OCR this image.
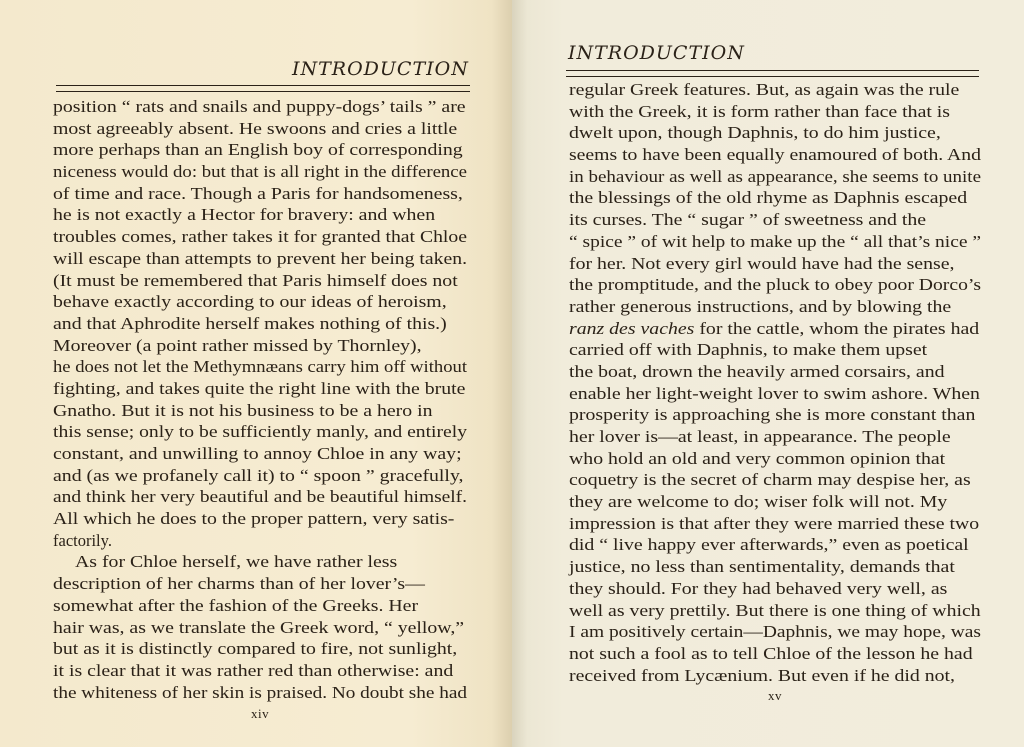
INTRODUCTION
position “ rats and snails and puppy-dogs’ tails ” are
most agreeably absent. He swoons and cries a little
more perhaps than an English boy of corresponding
niceness would do: but that is all right in the difference
of time and race. Though a Paris for handsomeness,
he is not exactly a Hector for bravery: and when
troubles comes, rather takes it for granted that Chloe
will escape than attempts to prevent her being taken.
(It must be remembered that Paris himself does not
behave exactly according to our ideas of heroism,
and that Aphrodite herself makes nothing of this.)
Moreover (a point rather missed by Thornley),
he does not let the Methymnæans carry him off without
fighting, and takes quite the right line with the brute
Gnatho. But it is not his business to be a hero in
this sense; only to be sufficiently manly, and entirely
constant, and unwilling to annoy Chloe in any way;
and (as we profanely call it) to “ spoon ” gracefully,
and think her very beautiful and be beautiful himself.
All which he does to the proper pattern, very satis-
factorily.
As for Chloe herself, we have rather less
description of her charms than of her lover’s—
somewhat after the fashion of the Greeks. Her
hair was, as we translate the Greek word, “ yellow,”
but as it is distinctly compared to fire, not sunlight,
it is clear that it was rather red than otherwise: and
the whiteness of her skin is praised. No doubt she had
xiv
INTRODUCTION
regular Greek features. But, as again was the rule
with the Greek, it is form rather than face that is
dwelt upon, though Daphnis, to do him justice,
seems to have been equally enamoured of both. And
in behaviour as well as appearance, she seems to unite
the blessings of the old rhyme as Daphnis escaped
its curses. The “ sugar ” of sweetness and the
“ spice ” of wit help to make up the “ all that’s nice ”
for her. Not every girl would have had the sense,
the promptitude, and the pluck to obey poor Dorco’s
rather generous instructions, and by blowing the
ranz des vaches for the cattle, whom the pirates had
carried off with Daphnis, to make them upset
the boat, drown the heavily armed corsairs, and
enable her light-weight lover to swim ashore. When
prosperity is approaching she is more constant than
her lover is—at least, in appearance. The people
who hold an old and very common opinion that
coquetry is the secret of charm may despise her, as
they are welcome to do; wiser folk will not. My
impression is that after they were married these two
did “ live happy ever afterwards,” even as poetical
justice, no less than sentimentality, demands that
they should. For they had behaved very well, as
well as very prettily. But there is one thing of which
I am positively certain—Daphnis, we may hope, was
not such a fool as to tell Chloe of the lesson he had
received from Lycænium. But even if he did not,
xv
